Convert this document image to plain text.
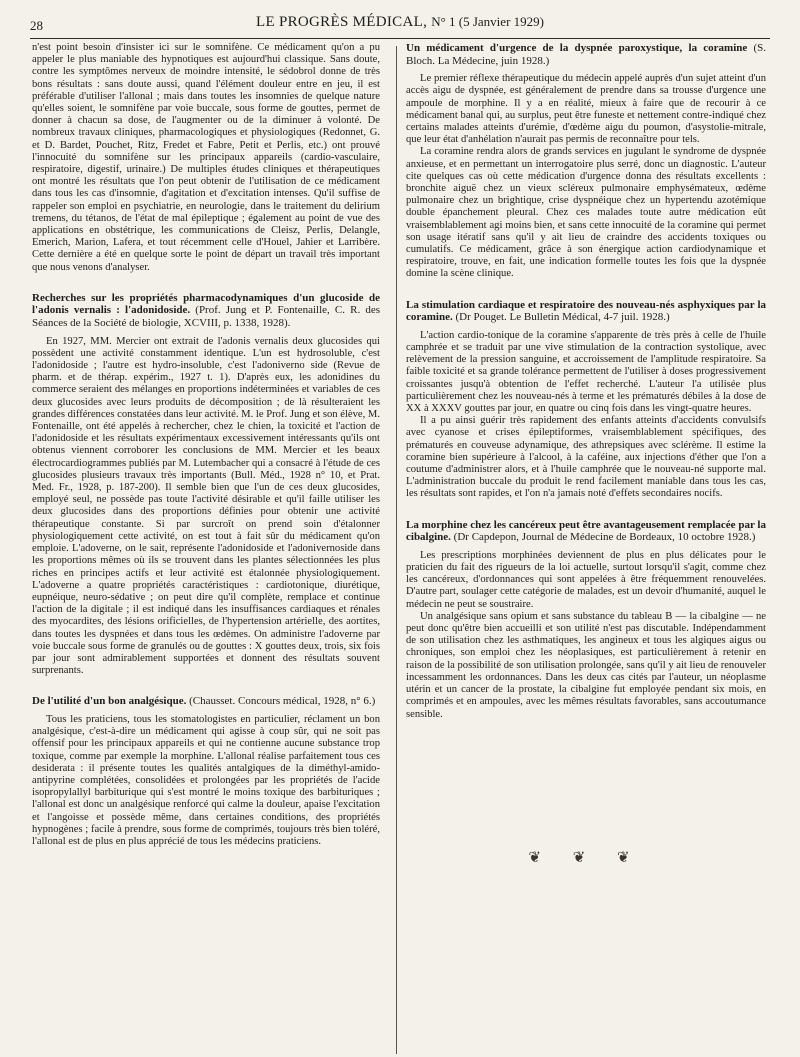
28	LE PROGRÈS MÉDICAL, N° 1 (5 Janvier 1929)

n'est point besoin d'insister ici sur le somnifène. Ce médicament qu'on a pu appeler le plus maniable des hypnotiques est aujourd'hui classique. Sans doute, contre les symptômes nerveux de moindre intensité, le sédobrol donne de très bons résultats : sans doute aussi, quand l'élément douleur entre en jeu, il est préférable d'utiliser l'allonal ; mais dans toutes les insomnies de quelque nature qu'elles soient, le somnifène par voie buccale, sous forme de gouttes, permet de donner à chacun sa dose, de l'augmenter ou de la diminuer à volonté. De nombreux travaux cliniques, pharmacologiques et physiologiques (Redonnet, G. et D. Bardet, Pouchet, Ritz, Fredet et Fabre, Petit et Perlis, etc.) ont prouvé l'innocuité du somnifène sur les principaux appareils (cardio-vasculaire, respiratoire, digestif, urinaire.) De multiples études cliniques et thérapeutiques ont montré les résultats que l'on peut obtenir de l'utilisation de ce médicament dans tous les cas d'insomnie, d'agitation et d'excitation intenses. Qu'il suffise de rappeler son emploi en psychiatrie, en neurologie, dans le traitement du delirium tremens, du tétanos, de l'état de mal épileptique ; également au point de vue des applications en obstétrique, les communications de Cleisz, Perlis, Delangle, Emerich, Marion, Lafera, et tout récemment celle d'Houel, Jahier et Larribère. Cette dernière a été en quelque sorte le point de départ un travail très important que nous venons d'analyser.

Recherches sur les propriétés pharmacodynamiques d'un glucoside de l'adonis vernalis : l'adonidoside. (Prof. Jung et P. Fontenaille, C. R. des Séances de la Société de biologie, XCVIII, p. 1338, 1928).

En 1927, MM. Mercier ont extrait de l'adonis vernalis deux glucosides qui possèdent une activité constamment identique. L'un est hydrosoluble, c'est l'adonidoside ; l'autre est hydro-insoluble, c'est l'adoniverno side (Revue de pharm. et de thérap. expérim., 1927 t. 1). D'après eux, les adonidines du commerce seraient des mélanges en proportions indéterminées et variables de ces deux glucosides avec leurs produits de décomposition ; de là résulteraient les grandes différences constatées dans leur activité. M. le Prof. Jung et son élève, M. Fontenaille, ont été appelés à rechercher, chez le chien, la toxicité et l'action de l'adonidoside et les résultats expérimentaux excessivement intéressants qu'ils ont obtenus viennent corroborer les conclusions de MM. Mercier et les beaux électrocardiogrammes publiés par M. Lutembacher qui a consacré à l'étude de ces glucosides plusieurs travaux très importants (Bull. Méd., 1928 n° 10, et Prat. Med. Fr., 1928, p. 187-200). Il semble bien que l'un de ces deux glucosides, employé seul, ne possède pas toute l'activité désirable et qu'il faille utiliser les deux glucosides dans des proportions définies pour obtenir une activité thérapeutique constante. Si par surcroît on prend soin d'étalonner physiologiquement cette activité, on est tout à fait sûr du médicament qu'on emploie. L'adoverne, on le sait, représente l'adonidoside et l'adonivernoside dans les proportions mêmes où ils se trouvent dans les plantes sélectionnées les plus riches en principes actifs et leur activité est étalonnée physiologiquement. L'adoverne a quatre propriétés caractéristiques : cardiotonique, diurétique, eupnéique, neuro-sédative ; on peut dire qu'il complète, remplace et continue l'action de la digitale ; il est indiqué dans les insuffisances cardiaques et rénales des myocardites, des lésions orificielles, de l'hypertension artérielle, des aortites, dans toutes les dyspnées et dans tous les œdèmes. On administre l'adoverne par voie buccale sous forme de granulés ou de gouttes : X gouttes deux, trois, six fois par jour sont admirablement supportées et donnent des résultats souvent surprenants.

De l'utilité d'un bon analgésique. (Chausset. Concours médical, 1928, n° 6.)

Tous les praticiens, tous les stomatologistes en particulier, réclament un bon analgésique, c'est-à-dire un médicament qui agisse à coup sûr, qui ne soit pas offensif pour les principaux appareils et qui ne contienne aucune substance trop toxique, comme par exemple la morphine. L'allonal réalise parfaitement tous ces desiderata : il présente toutes les qualités antalgiques de la diméthyl-amido-antipyrine complétées, consolidées et prolongées par les propriétés de l'acide isopropylallyl barbiturique qui s'est montré le moins toxique des barbituriques ; l'allonal est donc un analgésique renforcé qui calme la douleur, apaise l'excitation et l'angoisse et possède même, dans certaines conditions, des propriétés hypnogènes ; facile à prendre, sous forme de comprimés, toujours très bien toléré, l'allonal est de plus en plus apprécié de tous les médecins praticiens.

Un médicament d'urgence de la dyspnée paroxystique, la coramine (S. Bloch. La Médecine, juin 1928.)

Le premier réflexe thérapeutique du médecin appelé auprès d'un sujet atteint d'un accès aigu de dyspnée, est généralement de prendre dans sa trousse d'urgence une ampoule de morphine. Il y a en réalité, mieux à faire que de recourir à ce médicament banal qui, au surplus, peut être funeste et nettement contre-indiqué chez certains malades atteints d'urémie, d'œdème aigu du poumon, d'asystolie-mitrale, que leur état d'anhélation n'aurait pas permis de reconnaître pour tels.

La coramine rendra alors de grands services en jugulant le syndrome de dyspnée anxieuse, et en permettant un interrogatoire plus serré, donc un diagnostic. L'auteur cite quelques cas où cette médication d'urgence donna des résultats excellents : bronchite aiguë chez un vieux scléreux pulmonaire emphysémateux, œdème pulmonaire chez un brightique, crise dyspnéique chez un hypertendu azotémique double épanchement pleural. Chez ces malades toute autre médication eût vraisemblablement agi moins bien, et sans cette innocuité de la coramine qui permet son usage itératif sans qu'il y ait lieu de craindre des accidents toxiques ou cumulatifs. Ce médicament, grâce à son énergique action cardiodynamique et respiratoire, trouve, en fait, une indication formelle toutes les fois que la dyspnée domine la scène clinique.

La stimulation cardiaque et respiratoire des nouveau-nés asphyxiques par la coramine. (Dr Pouget. Le Bulletin Médical, 4-7 juil. 1928.)

L'action cardio-tonique de la coramine s'apparente de très près à celle de l'huile camphrée et se traduit par une vive stimulation de la contraction systolique, avec relèvement de la pression sanguine, et accroissement de l'amplitude respiratoire. Sa faible toxicité et sa grande tolérance permettent de l'utiliser à doses progressivement croissantes jusqu'à obtention de l'effet recherché. L'auteur l'a utilisée plus particulièrement chez les nouveau-nés à terme et les prématurés débiles à la dose de XX à XXXV gouttes par jour, en quatre ou cinq fois dans les vingt-quatre heures.

Il a pu ainsi guérir très rapidement des enfants atteints d'accidents convulsifs avec cyanose et crises épileptiformes, vraisemblablement spécifiques, des prématurés en couveuse adynamique, des athrepsiques avec sclérème. Il estime la coramine bien supérieure à l'alcool, à la caféine, aux injections d'éther que l'on a coutume d'administrer alors, et à l'huile camphrée que le nouveau-né supporte mal. L'administration buccale du produit le rend facilement maniable dans tous les cas, les résultats sont rapides, et l'on n'a jamais noté d'effets secondaires nocifs.

La morphine chez les cancéreux peut être avantageusement remplacée par la cibalgine. (Dr Capdepon, Journal de Médecine de Bordeaux, 10 octobre 1928.)

Les prescriptions morphinées deviennent de plus en plus délicates pour le praticien du fait des rigueurs de la loi actuelle, surtout lorsqu'il s'agit, comme chez les cancéreux, d'ordonnances qui sont appelées à être fréquemment renouvelées. D'autre part, soulager cette catégorie de malades, est un devoir d'humanité, auquel le médecin ne peut se soustraire.

Un analgésique sans opium et sans substance du tableau B — la cibalgine — ne peut donc qu'être bien accueilli et son utilité n'est pas discutable. Indépendamment de son utilisation chez les asthmatiques, les angineux et tous les algiques aigus ou chroniques, son emploi chez les néoplasiques, est particulièrement à retenir en raison de la possibilité de son utilisation prolongée, sans qu'il y ait lieu de renouveler incessamment les ordonnances. Dans les deux cas cités par l'auteur, un néoplasme utérin et un cancer de la prostate, la cibalgine fut employée pendant six mois, en comprimés et en ampoules, avec les mêmes résultats favorables, sans accoutumance sensible.

❦ ❦ ❦
